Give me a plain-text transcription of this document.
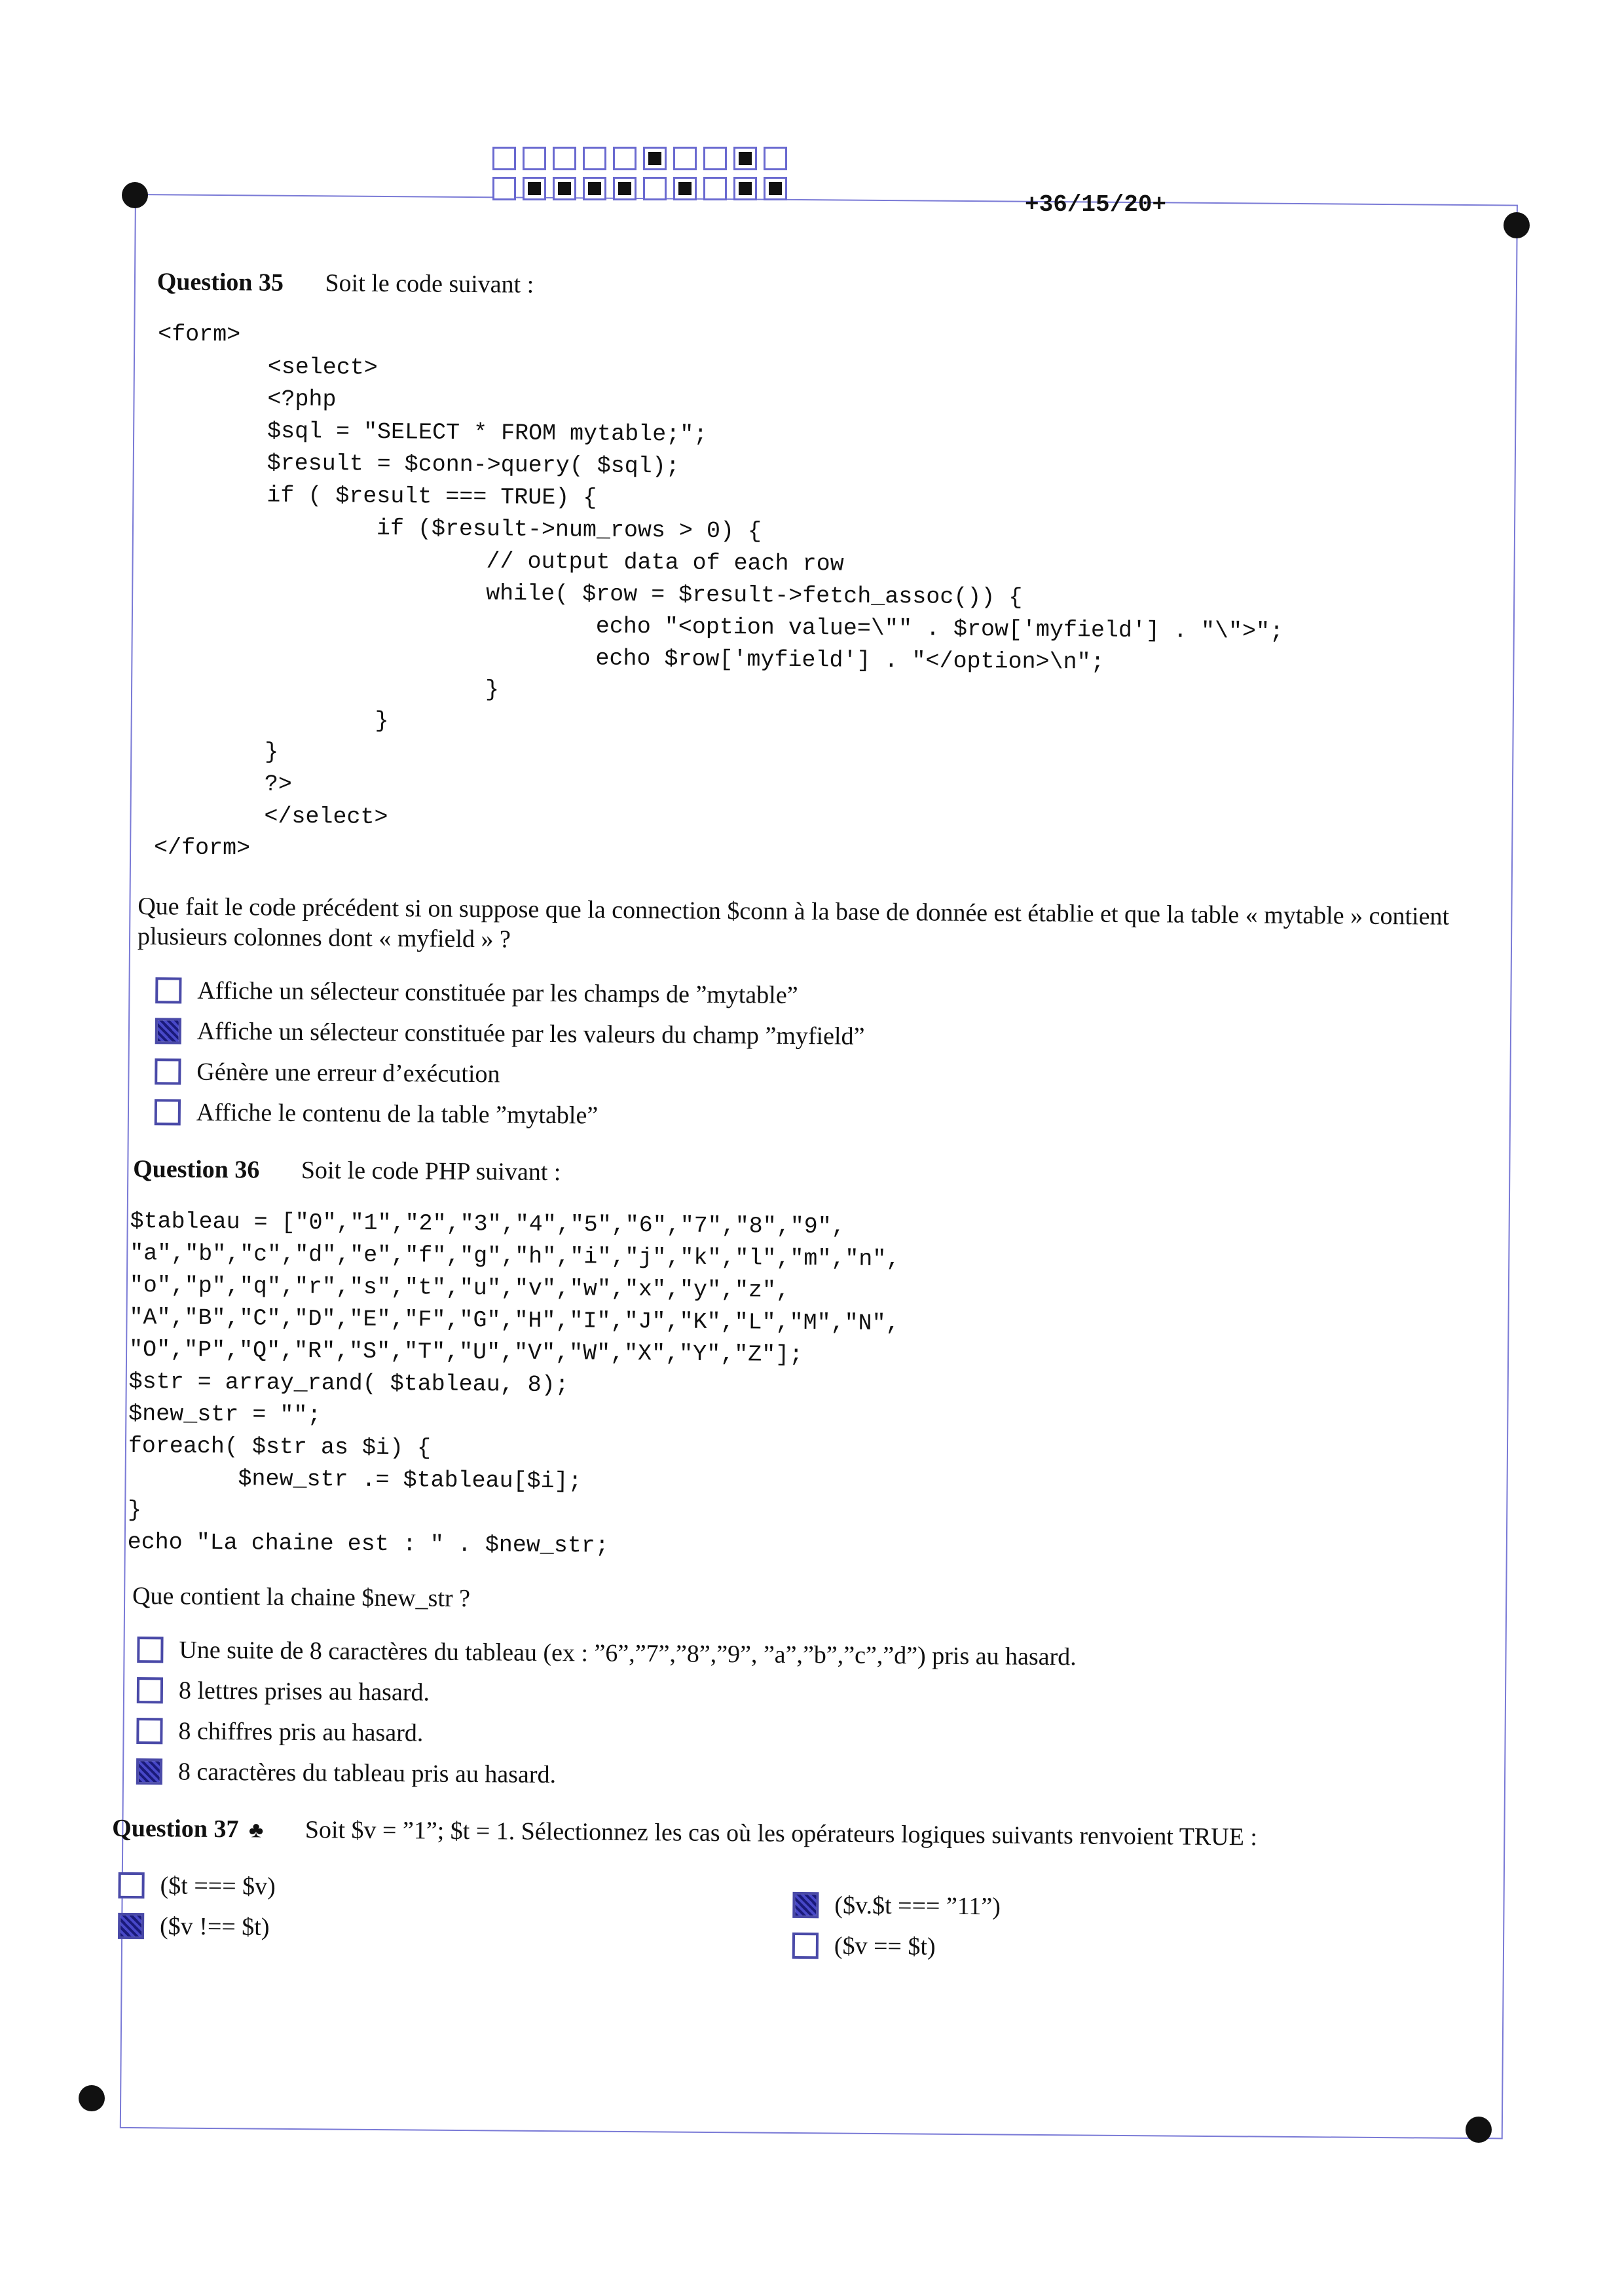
+36/15/20+
Question 35 Soit le code suivant :
<form>
<select>
<?php
$sql = "SELECT * FROM mytable;";
$result = $conn->query( $sql);
if ( $result === TRUE) {
if ($result->num_rows > 0) {
// output data of each row
while( $row = $result->fetch_assoc()) {
echo "<option value=\"" . $row['myfield'] . "\">";
echo $row['myfield'] . "</option>\n";
}
}
}
?>
</select>
</form>
Que fait le code précédent si on suppose que la connection $conn à la base de donnée est établie et que la table « mytable » contient plusieurs colonnes dont « myfield » ?
Affiche un sélecteur constituée par les champs de ”mytable”
Affiche un sélecteur constituée par les valeurs du champ ”myfield”
Génère une erreur d’exécution
Affiche le contenu de la table ”mytable”
Question 36 Soit le code PHP suivant :
$tableau = ["0","1","2","3","4","5","6","7","8","9",
"a","b","c","d","e","f","g","h","i","j","k","l","m","n",
"o","p","q","r","s","t","u","v","w","x","y","z",
"A","B","C","D","E","F","G","H","I","J","K","L","M","N",
"O","P","Q","R","S","T","U","V","W","X","Y","Z"];
$str = array_rand( $tableau, 8);
$new_str = "";
foreach( $str as $i) {
$new_str .= $tableau[$i];
}
echo "La chaine est : " . $new_str;
Que contient la chaine $new_str ?
Une suite de 8 caractères du tableau (ex : ”6”,”7”,”8”,”9”, ”a”,”b”,”c”,”d”) pris au hasard.
8 lettres prises au hasard.
8 chiffres pris au hasard.
8 caractères du tableau pris au hasard.
Question 37 ♣ Soit $v = ”1”; $t = 1. Sélectionnez les cas où les opérateurs logiques suivants renvoient TRUE :
($t === $v)
($v !== $t)
($v.$t === ”11”)
($v == $t)
